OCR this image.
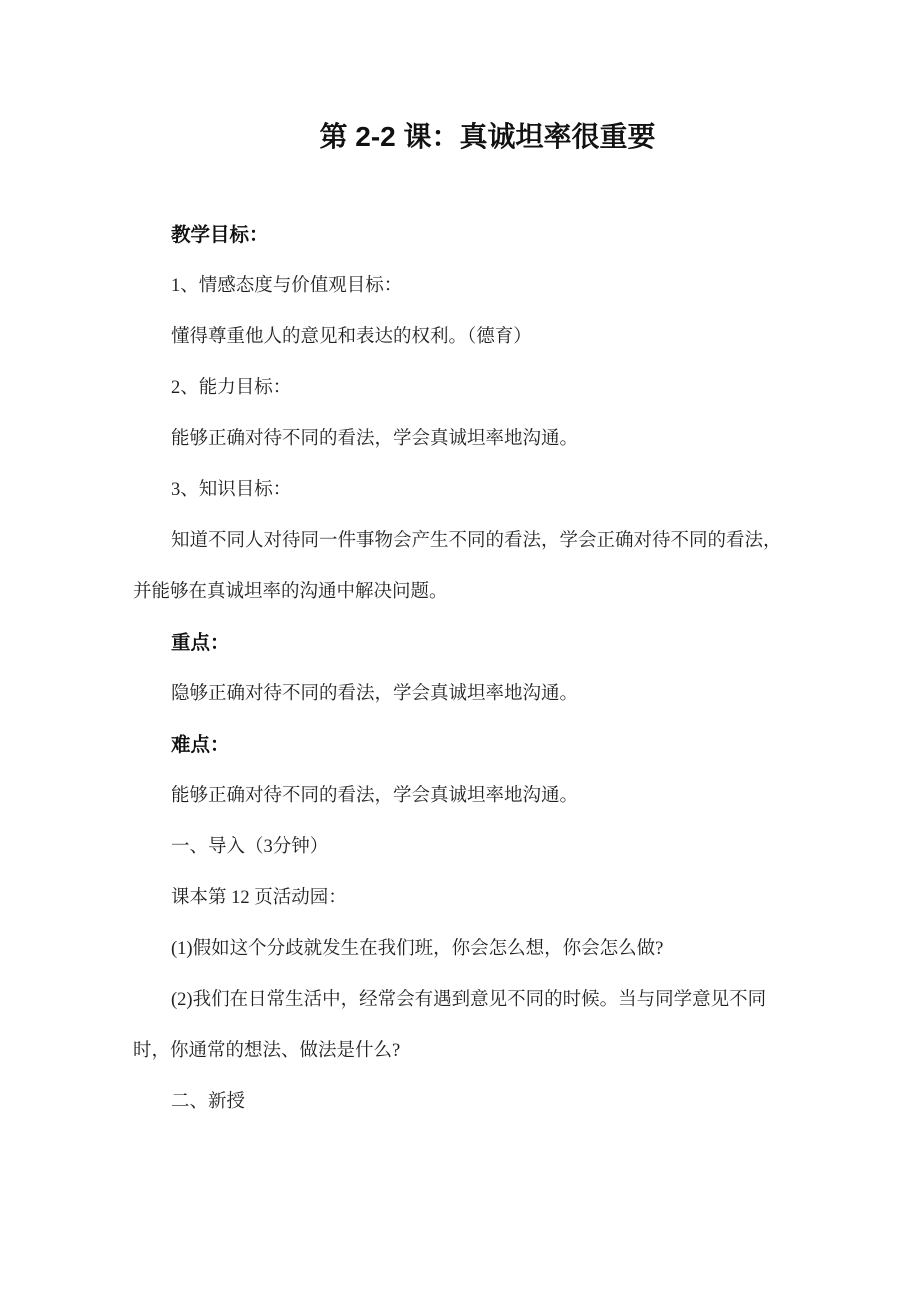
第 2-2 课：真诚坦率很重要
教学目标：
1、情感态度与价值观目标：
懂得尊重他人的意见和表达的权利。（德育）
2、能力目标：
能够正确对待不同的看法，学会真诚坦率地沟通。
3、知识目标：
知道不同人对待同一件事物会产生不同的看法，学会正确对待不同的看法，
并能够在真诚坦率的沟通中解决问题。
重点：
隐够正确对待不同的看法，学会真诚坦率地沟通。
难点：
能够正确对待不同的看法，学会真诚坦率地沟通。
一、导入（3分钟）
课本第 12 页活动园：
(1)假如这个分歧就发生在我们班，你会怎么想，你会怎么做?
(2)我们在日常生活中，经常会有遇到意见不同的时候。当与同学意见不同
时，你通常的想法、做法是什么?
二、新授
